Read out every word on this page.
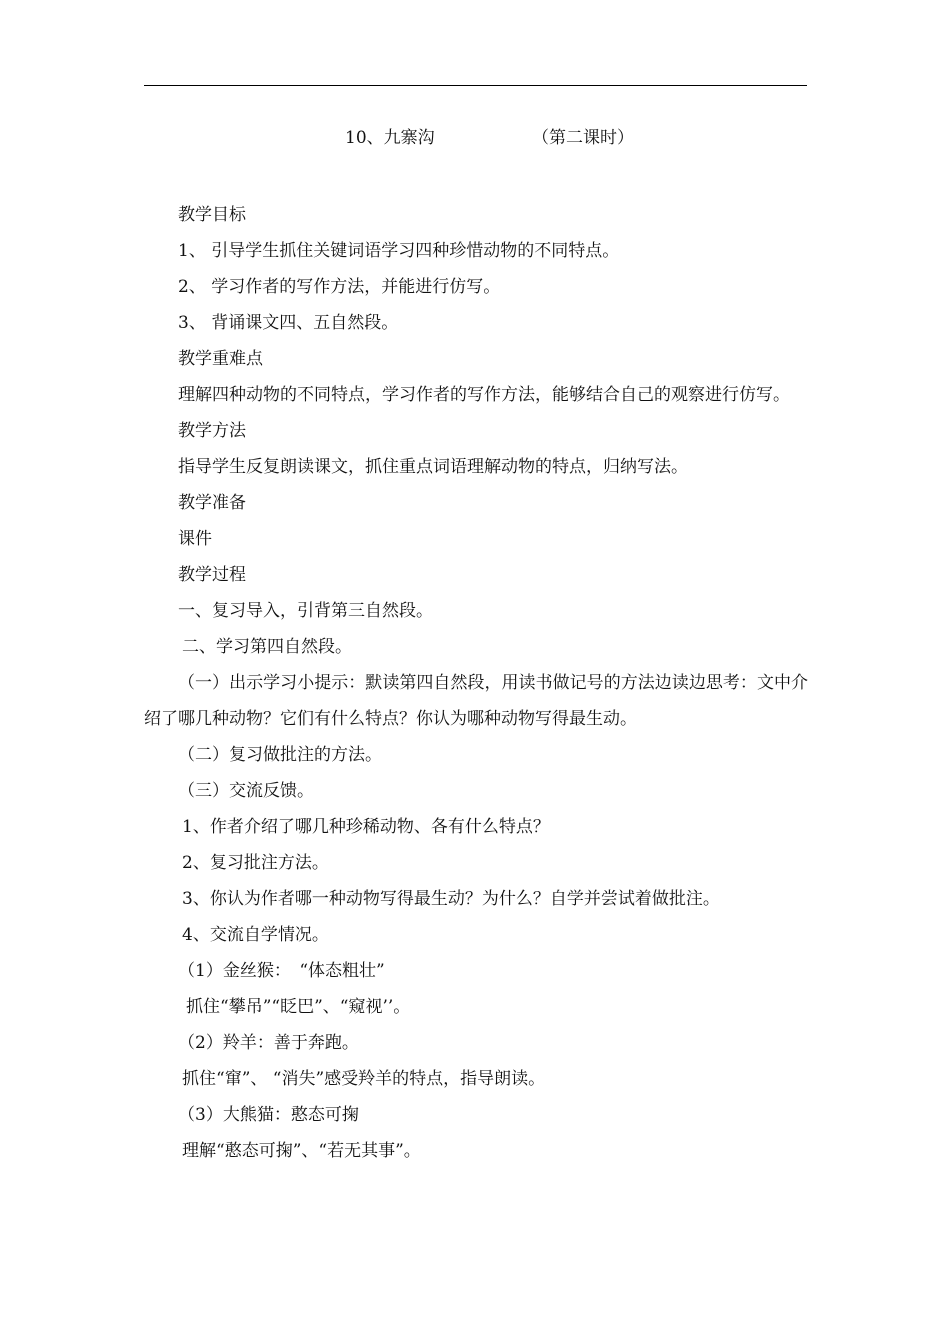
10、九寨沟	（第二课时）
教学目标
1、 引导学生抓住关键词语学习四种珍惜动物的不同特点。
2、 学习作者的写作方法，并能进行仿写。
3、 背诵课文四、五自然段。
教学重难点
理解四种动物的不同特点，学习作者的写作方法，能够结合自己的观察进行仿写。
教学方法
指导学生反复朗读课文，抓住重点词语理解动物的特点，归纳写法。
教学准备
课件
教学过程
一、复习导入，引背第三自然段。
二、学习第四自然段。
（一）出示学习小提示：默读第四自然段，用读书做记号的方法边读边思考：文中介绍了哪几种动物？它们有什么特点？你认为哪种动物写得最生动。
（二）复习做批注的方法。
（三）交流反馈。
1、作者介绍了哪几种珍稀动物、各有什么特点？
2、复习批注方法。
3、你认为作者哪一种动物写得最生动？为什么？自学并尝试着做批注。
4、交流自学情况。
（1）金丝猴：　“体态粗壮”
抓住“攀吊”“眨巴”、“窥视’’。
（2）羚羊：善于奔跑。
抓住“窜”、 “消失”感受羚羊的特点，指导朗读。
（3）大熊猫：憨态可掬
理解“憨态可掬”、“若无其事”。
